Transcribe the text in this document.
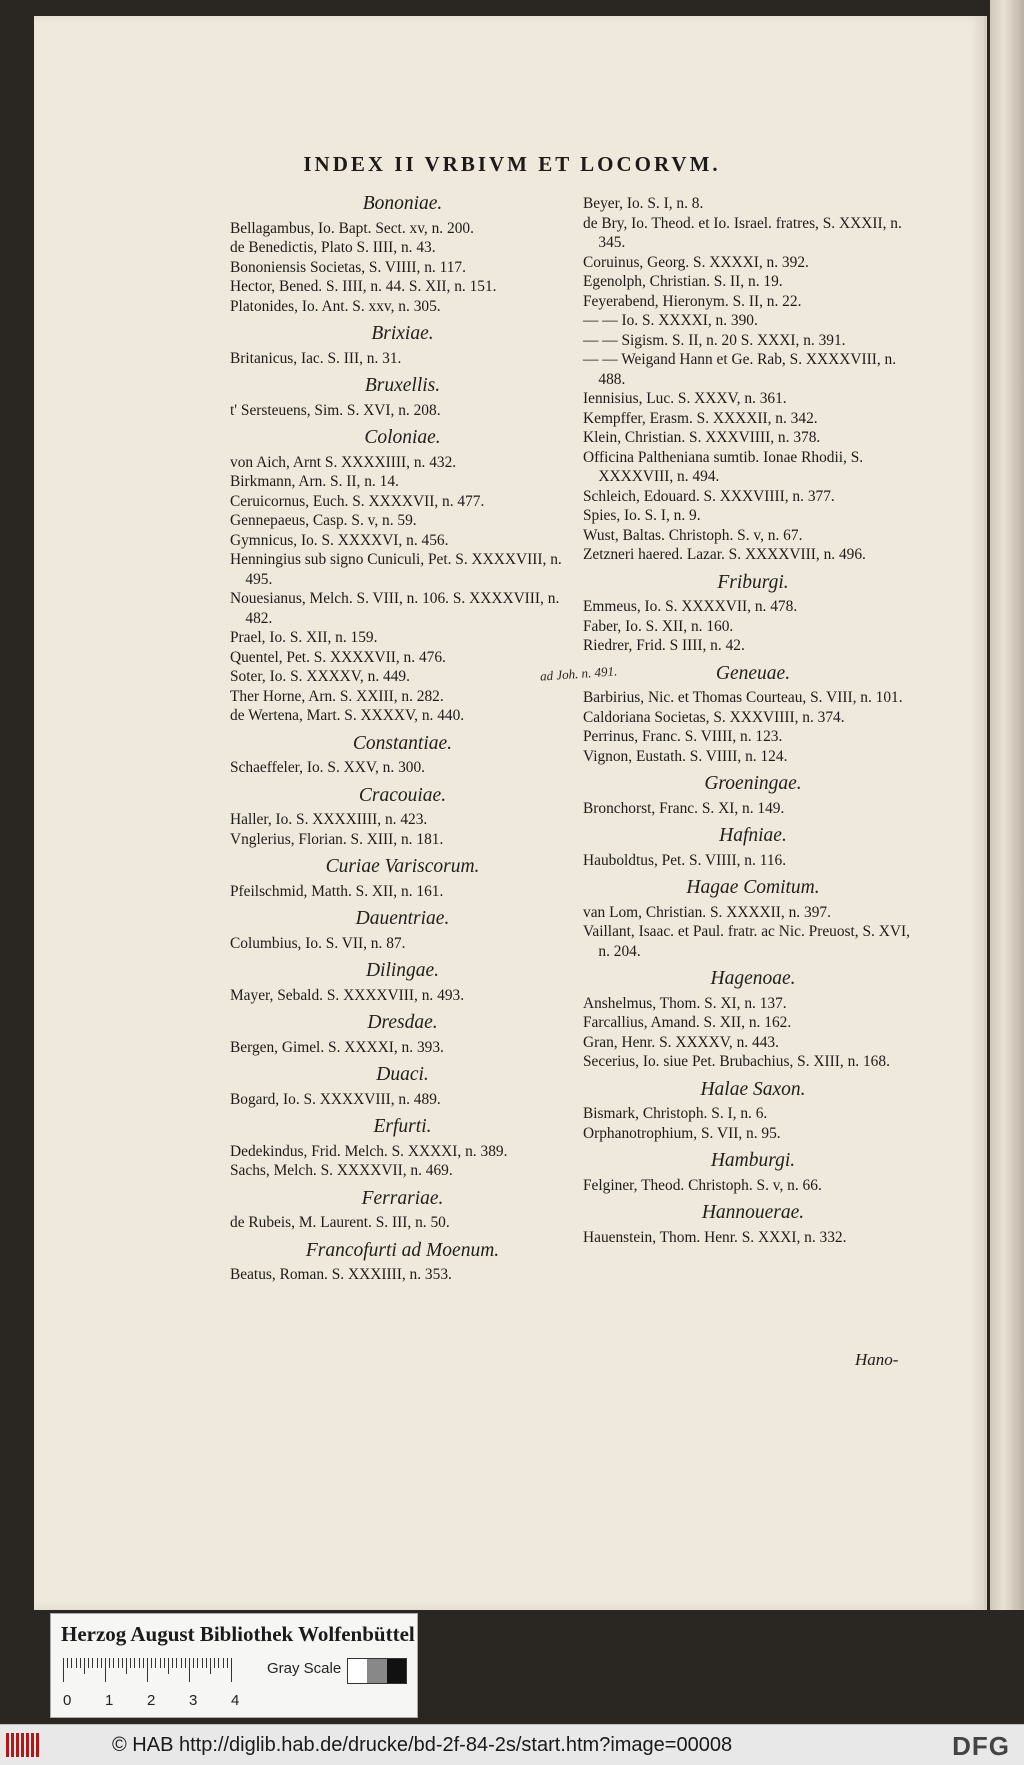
INDEX II VRBIVM ET LOCORVM.
Bononiae.
Bellagambus, Io. Bapt. Sect. xv, n. 200.
de Benedictis, Plato S. IIII, n. 43.
Bononiensis Societas, S. VIIII, n. 117.
Hector, Bened. S. IIII, n. 44. S. XII, n. 151.
Platonides, Io. Ant. S. xxv, n. 305.
Brixiae.
Britanicus, Iac. S. III, n. 31.
Bruxellis.
t' Sersteuens, Sim. S. XVI, n. 208.
Coloniae.
von Aich, Arnt S. XXXXIIII, n. 432.
Birkmann, Arn. S. II, n. 14.
Ceruicornus, Euch. S. XXXXVII, n. 477.
Gennepaeus, Casp. S. v, n. 59.
Gymnicus, Io. S. XXXXVI, n. 456.
Henningius sub signo Cuniculi, Pet. S. XXXXVIII, n. 495.
Nouesianus, Melch. S. VIII, n. 106. S. XXXXVIII, n. 482.
Prael, Io. S. XII, n. 159.
Quentel, Pet. S. XXXXVII, n. 476.
Soter, Io. S. XXXXV, n. 449.
Ther Horne, Arn. S. XXIII, n. 282.
de Wertena, Mart. S. XXXXV, n. 440.
Constantiae.
Schaeffeler, Io. S. XXV, n. 300.
Cracouiae.
Haller, Io. S. XXXXIIII, n. 423.
Vnglerius, Florian. S. XIII, n. 181.
Curiae Variscorum.
Pfeilschmid, Matth. S. XII, n. 161.
Dauentriae.
Columbius, Io. S. VII, n. 87.
Dilingae.
Mayer, Sebald. S. XXXXVIII, n. 493.
Dresdae.
Bergen, Gimel. S. XXXXI, n. 393.
Duaci.
Bogard, Io. S. XXXXVIII, n. 489.
Erfurti.
Dedekindus, Frid. Melch. S. XXXXI, n. 389.
Sachs, Melch. S. XXXXVII, n. 469.
Ferrariae.
de Rubeis, M. Laurent. S. III, n. 50.
Francofurti ad Moenum.
Beatus, Roman. S. XXXIIII, n. 353.
Beyer, Io. S. I, n. 8.
de Bry, Io. Theod. et Io. Israel. fratres, S. XXXII, n. 345.
Coruinus, Georg. S. XXXXI, n. 392.
Egenolph, Christian. S. II, n. 19.
Feyerabend, Hieronym. S. II, n. 22.
— — Io. S. XXXXI, n. 390.
— — Sigism. S. II, n. 20 S. XXXI, n. 391.
— — Weigand Hann et Ge. Rab, S. XXXXVIII, n. 488.
Iennisius, Luc. S. XXXV, n. 361.
Kempffer, Erasm. S. XXXXII, n. 342.
Klein, Christian. S. XXXVIIII, n. 378.
Officina Paltheniana sumtib. Ionae Rhodii, S. XXXXVIII, n. 494.
Schleich, Edouard. S. XXXVIIII, n. 377.
Spies, Io. S. I, n. 9.
Wust, Baltas. Christoph. S. v, n. 67.
Zetzneri haered. Lazar. S. XXXXVIII, n. 496.
Friburgi.
Emmeus, Io. S. XXXXVII, n. 478.
Faber, Io. S. XII, n. 160.
Riedrer, Frid. S IIII, n. 42.
Geneuae.
Barbirius, Nic. et Thomas Courteau, S. VIII, n. 101.
Caldoriana Societas, S. XXXVIIII, n. 374.
Perrinus, Franc. S. VIIII, n. 123.
Vignon, Eustath. S. VIIII, n. 124.
Groeningae.
Bronchorst, Franc. S. XI, n. 149.
Hafniae.
Hauboldtus, Pet. S. VIIII, n. 116.
Hagae Comitum.
van Lom, Christian. S. XXXXII, n. 397.
Vaillant, Isaac. et Paul. fratr. ac Nic. Preuost, S. XVI, n. 204.
Hagenoae.
Anshelmus, Thom. S. XI, n. 137.
Farcallius, Amand. S. XII, n. 162.
Gran, Henr. S. XXXXV, n. 443.
Secerius, Io. siue Pet. Brubachius, S. XIII, n. 168.
Halae Saxon.
Bismark, Christoph. S. I, n. 6.
Orphanotrophium, S. VII, n. 95.
Hamburgi.
Felginer, Theod. Christoph. S. v, n. 66.
Hannouerae.
Hauenstein, Thom. Henr. S. XXXI, n. 332.
ad Joh. n. 491.
Hano-
Herzog August Bibliothek Wolfenbüttel
Gray Scale
0 1 2 3 4
© HAB http://diglib.hab.de/drucke/bd-2f-84-2s/start.htm?image=00008	DFG
